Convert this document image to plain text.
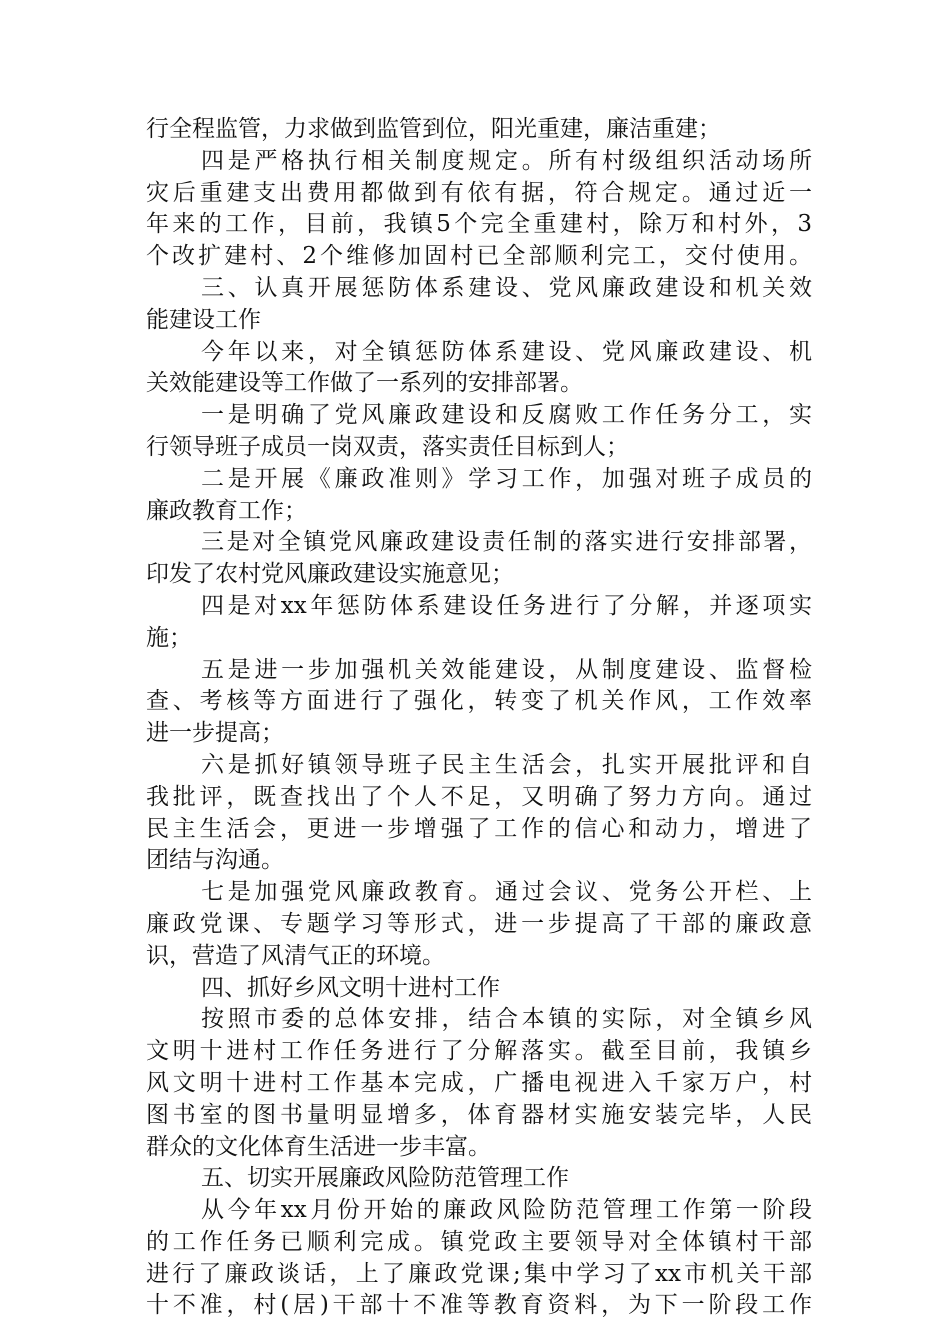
行全程监管，力求做到监管到位，阳光重建，廉洁重建；
四是严格执行相关制度规定。所有村级组织活动场所
灾后重建支出费用都做到有依有据，符合规定。通过近一
年来的工作，目前，我镇5个完全重建村，除万和村外，3
个改扩建村、2个维修加固村已全部顺利完工，交付使用。
三、认真开展惩防体系建设、党风廉政建设和机关效
能建设工作
今年以来，对全镇惩防体系建设、党风廉政建设、机
关效能建设等工作做了一系列的安排部署。
一是明确了党风廉政建设和反腐败工作任务分工，实
行领导班子成员一岗双责，落实责任目标到人；
二是开展《廉政准则》学习工作，加强对班子成员的
廉政教育工作；
三是对全镇党风廉政建设责任制的落实进行安排部署，
印发了农村党风廉政建设实施意见；
四是对xx年惩防体系建设任务进行了分解，并逐项实
施；
五是进一步加强机关效能建设，从制度建设、监督检
查、考核等方面进行了强化，转变了机关作风，工作效率
进一步提高；
六是抓好镇领导班子民主生活会，扎实开展批评和自
我批评，既查找出了个人不足，又明确了努力方向。通过
民主生活会，更进一步增强了工作的信心和动力，增进了
团结与沟通。
七是加强党风廉政教育。通过会议、党务公开栏、上
廉政党课、专题学习等形式，进一步提高了干部的廉政意
识，营造了风清气正的环境。
四、抓好乡风文明十进村工作
按照市委的总体安排，结合本镇的实际，对全镇乡风
文明十进村工作任务进行了分解落实。截至目前，我镇乡
风文明十进村工作基本完成，广播电视进入千家万户，村
图书室的图书量明显增多，体育器材实施安装完毕，人民
群众的文化体育生活进一步丰富。
五、切实开展廉政风险防范管理工作
从今年xx月份开始的廉政风险防范管理工作第一阶段
的工作任务已顺利完成。镇党政主要领导对全体镇村干部
进行了廉政谈话，上了廉政党课;集中学习了xx市机关干部
十不准，村(居)干部十不准等教育资料，为下一阶段工作
